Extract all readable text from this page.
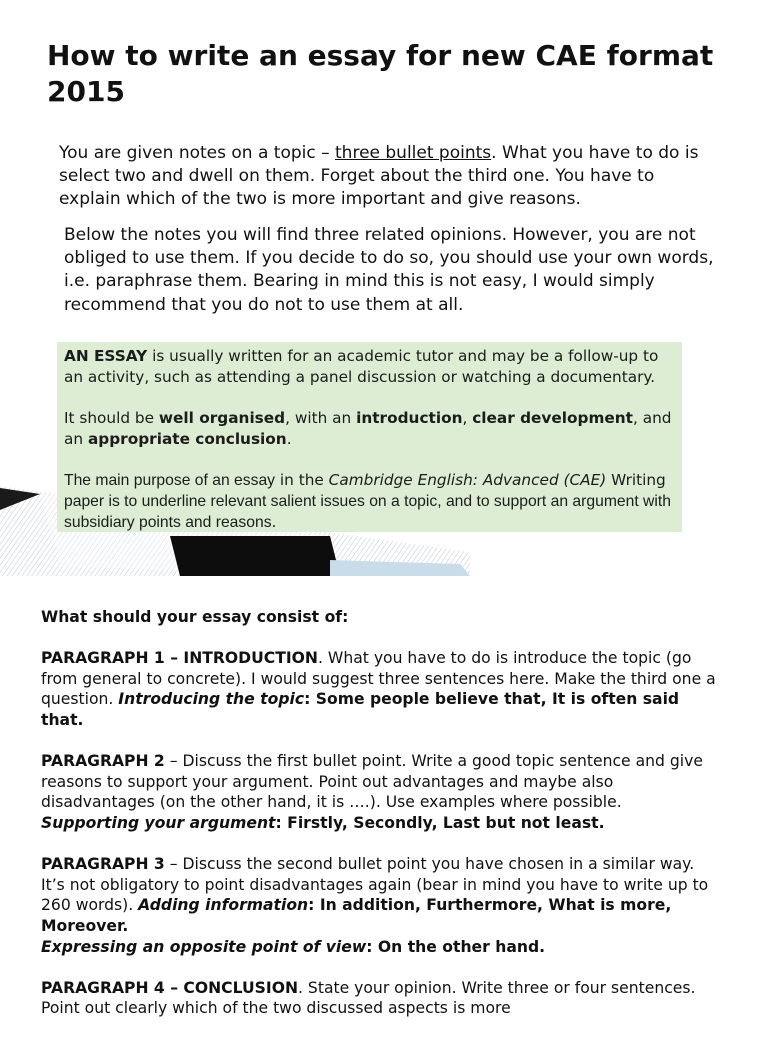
How to write an essay for new CAE format 2015

You are given notes on a topic – three bullet points. What you have to do is select two and dwell on them. Forget about the third one. You have to explain which of the two is more important and give reasons.

Below the notes you will find three related opinions. However, you are not obliged to use them. If you decide to do so, you should use your own words, i.e. paraphrase them. Bearing in mind this is not easy, I would simply recommend that you do not to use them at all.

AN ESSAY is usually written for an academic tutor and may be a follow-up to an activity, such as attending a panel discussion or watching a documentary.

It should be well organised, with an introduction, clear development, and an appropriate conclusion.

The main purpose of an essay in the Cambridge English: Advanced (CAE) Writing paper is to underline relevant salient issues on a topic, and to support an argument with subsidiary points and reasons.

What should your essay consist of:

PARAGRAPH 1 – INTRODUCTION. What you have to do is introduce the topic (go from general to concrete). I would suggest three sentences here. Make the third one a question. Introducing the topic: Some people believe that, It is often said that.

PARAGRAPH 2 – Discuss the first bullet point. Write a good topic sentence and give reasons to support your argument. Point out advantages and maybe also disadvantages (on the other hand, it is ….). Use examples where possible. Supporting your argument: Firstly, Secondly, Last but not least.

PARAGRAPH 3 – Discuss the second bullet point you have chosen in a similar way. It’s not obligatory to point disadvantages again (bear in mind you have to write up to 260 words). Adding information: In addition, Furthermore, What is more, Moreover.
Expressing an opposite point of view: On the other hand.

PARAGRAPH 4 – CONCLUSION. State your opinion. Write three or four sentences. Point out clearly which of the two discussed aspects is more
